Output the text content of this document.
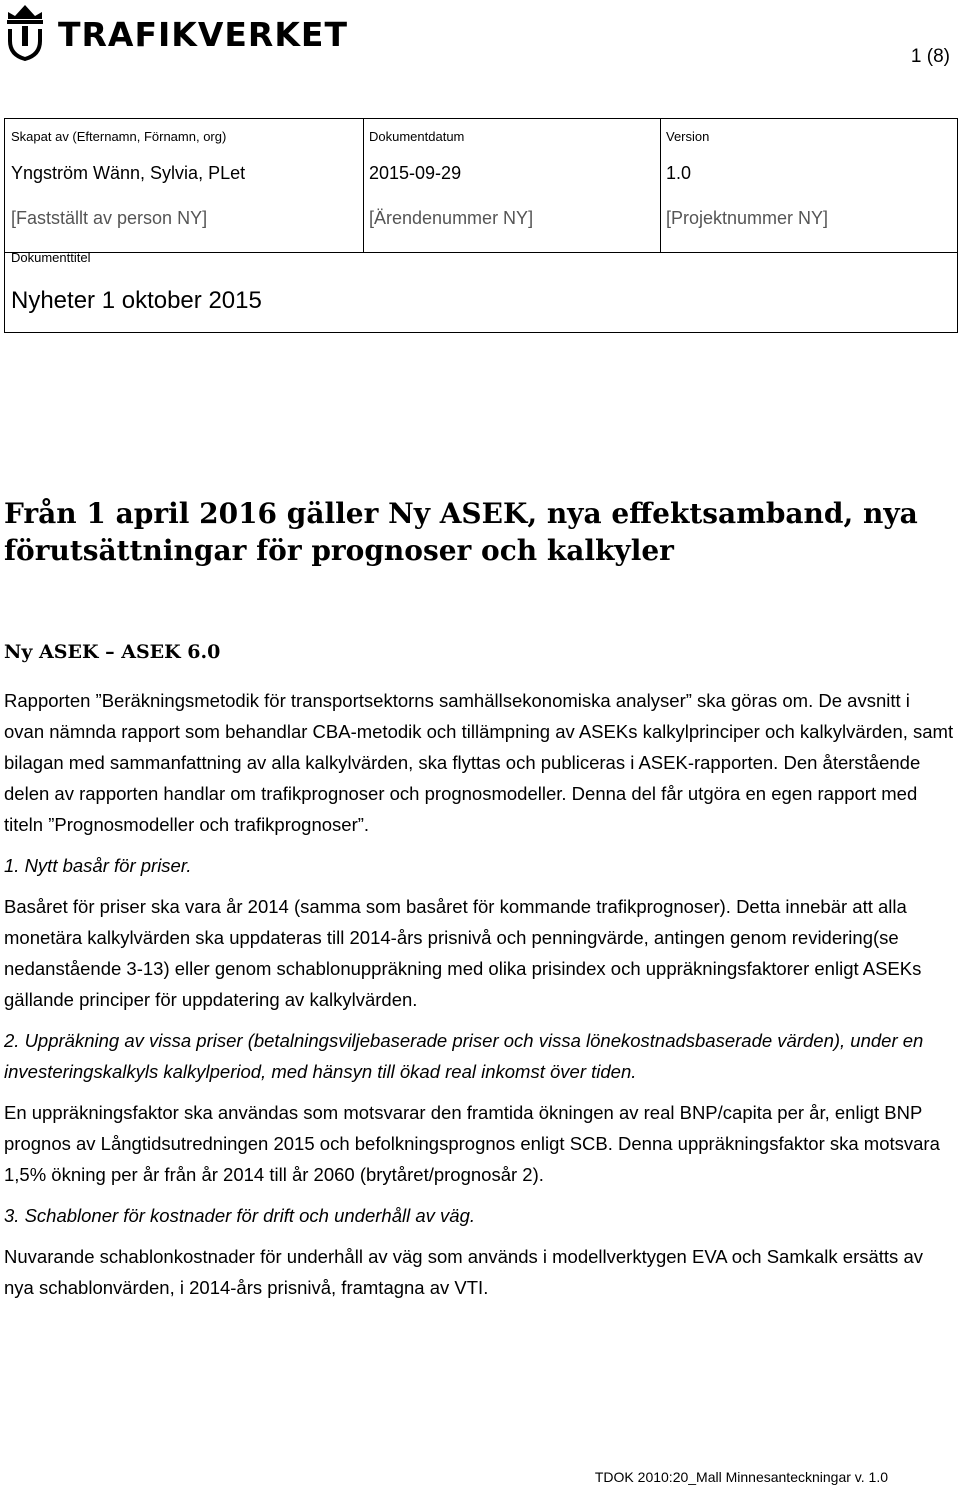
TRAFIKVERKET
1 (8)
Skapat av (Efternamn, Förnamn, org)
Yngström Wänn, Sylvia, PLet
Dokumentdatum
2015-09-29
Version
1.0
[Fastställt av person NY]	[Ärendenummer NY]	[Projektnummer NY]
Dokumenttitel
Nyheter 1 oktober 2015
Från 1 april 2016 gäller Ny ASEK, nya effektsamband, nya förutsättningar för prognoser och kalkyler
Ny ASEK – ASEK 6.0

Rapporten ”Beräkningsmetodik för transportsektorns samhällsekonomiska analyser” ska göras om. De avsnitt i ovan nämnda rapport som behandlar CBA-metodik och tillämpning av ASEKs kalkylprinciper och kalkylvärden, samt bilagan med sammanfattning av alla kalkylvärden, ska flyttas och publiceras i ASEK-rapporten. Den återstående delen av rapporten handlar om trafikprognoser och prognosmodeller. Denna del får utgöra en egen rapport med titeln ”Prognosmodeller och trafikprognoser”.

1. Nytt basår för priser.

Basåret för priser ska vara år 2014 (samma som basåret för kommande trafikprognoser). Detta innebär att alla monetära kalkylvärden ska uppdateras till 2014-års prisnivå och penningvärde, antingen genom revidering(se nedanstående 3-13) eller genom schablonuppräkning med olika prisindex och uppräkningsfaktorer enligt ASEKs gällande principer för uppdatering av kalkylvärden.

2. Uppräkning av vissa priser (betalningsviljebaserade priser och vissa lönekostnadsbaserade värden), under en investeringskalkyls kalkylperiod, med hänsyn till ökad real inkomst över tiden.

En uppräkningsfaktor ska användas som motsvarar den framtida ökningen av real BNP/capita per år, enligt BNP prognos av Långtidsutredningen 2015 och befolkningsprognos enligt SCB. Denna uppräkningsfaktor ska motsvara 1,5% ökning per år från år 2014 till år 2060 (brytåret/prognosår 2).

3. Schabloner för kostnader för drift och underhåll av väg.

Nuvarande schablonkostnader för underhåll av väg som används i modellverktygen EVA och Samkalk ersätts av nya schablonvärden, i 2014-års prisnivå, framtagna av VTI.

TDOK 2010:20_Mall Minnesanteckningar v. 1.0
